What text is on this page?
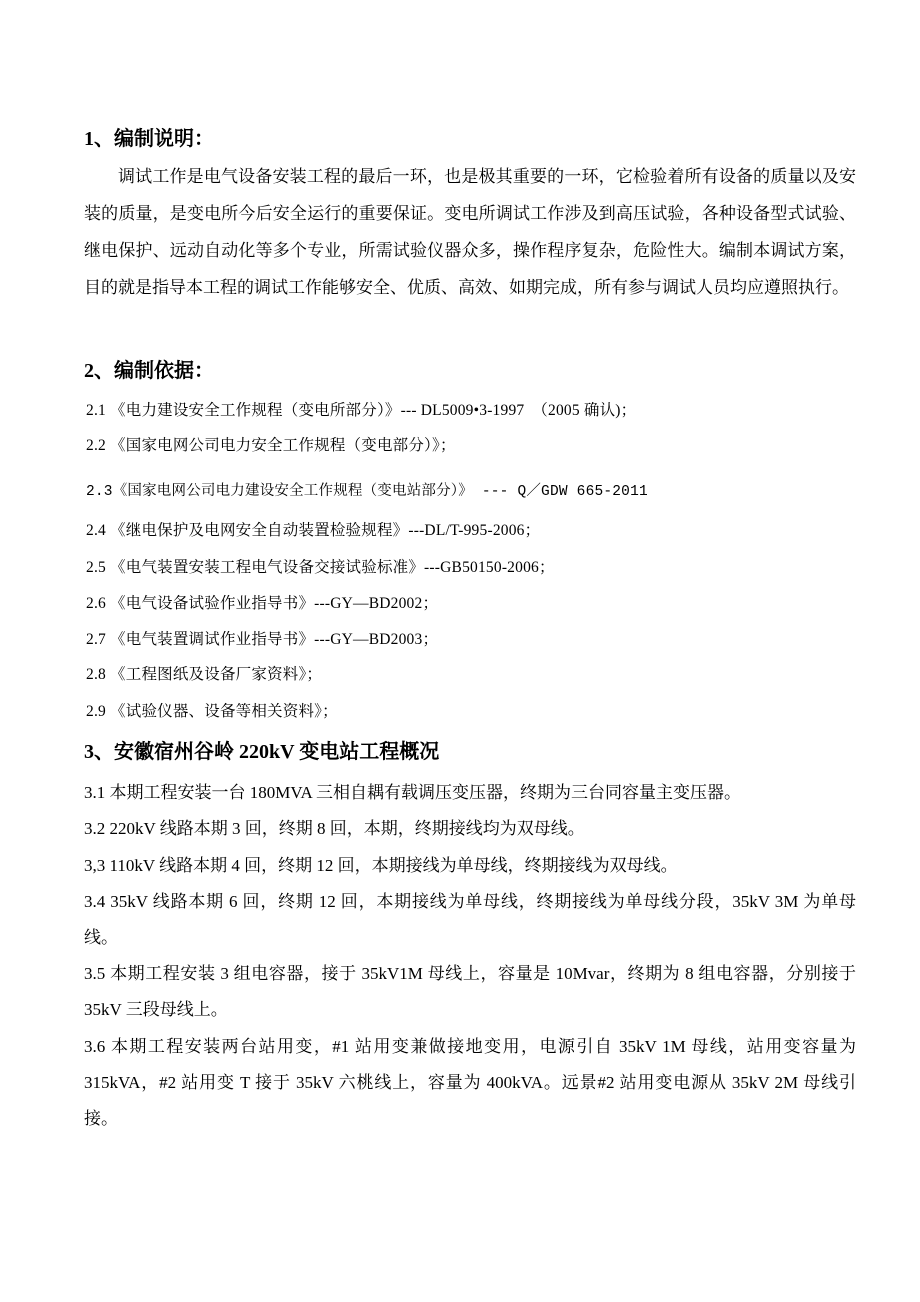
1、编制说明：

调试工作是电气设备安装工程的最后一环，也是极其重要的一环，它检验着所有设备的质量以及安装的质量，是变电所今后安全运行的重要保证。变电所调试工作涉及到高压试验，各种设备型式试验、继电保护、远动自动化等多个专业，所需试验仪器众多，操作程序复杂，危险性大。编制本调试方案，目的就是指导本工程的调试工作能够安全、优质、高效、如期完成，所有参与调试人员均应遵照执行。

2、编制依据：

2.1 《电力建设安全工作规程（变电所部分）》--- DL5009•3-1997　（2005 确认)；

2.2 《国家电网公司电力安全工作规程（变电部分）》；

2.3《国家电网公司电力建设安全工作规程（变电站部分）》 --- Q／GDW 665-2011

2.4 《继电保护及电网安全自动装置检验规程》---DL/T-995-2006；

2.5 《电气装置安装工程电气设备交接试验标准》---GB50150-2006；

2.6 《电气设备试验作业指导书》---GY—BD2002；

2.7 《电气装置调试作业指导书》---GY—BD2003；

2.8 《工程图纸及设备厂家资料》；

2.9 《试验仪器、设备等相关资料》；

3、安徽宿州谷岭 220kV 变电站工程概况

3.1 本期工程安装一台 180MVA 三相自耦有载调压变压器，终期为三台同容量主变压器。

3.2 220kV 线路本期 3 回，终期 8 回，本期，终期接线均为双母线。

3,3 110kV 线路本期 4 回，终期 12 回，本期接线为单母线，终期接线为双母线。

3.4 35kV 线路本期 6 回，终期 12 回，本期接线为单母线，终期接线为单母线分段，35kV 3M 为单母线。

3.5 本期工程安装 3 组电容器，接于 35kV1M 母线上，容量是 10Mvar，终期为 8 组电容器，分别接于 35kV 三段母线上。

3.6 本期工程安装两台站用变，#1 站用变兼做接地变用，电源引自 35kV 1M 母线，站用变容量为 315kVA，#2 站用变 T 接于 35kV 六桃线上，容量为 400kVA。远景#2 站用变电源从 35kV 2M 母线引接。
